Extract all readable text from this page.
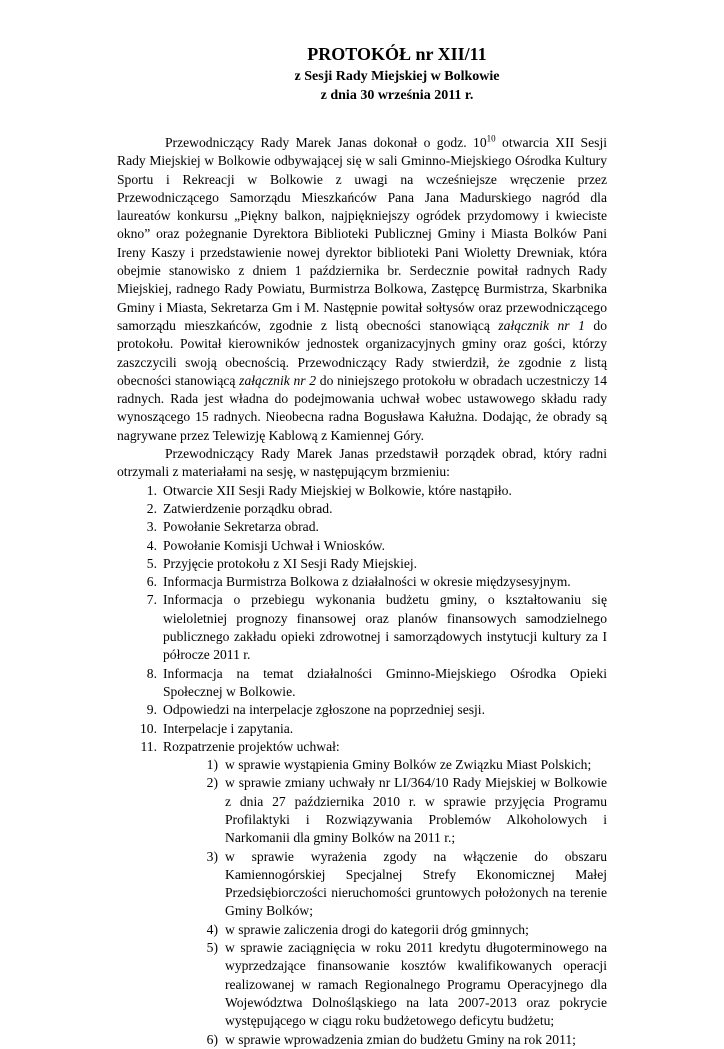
PROTOKÓŁ nr XII/11
z Sesji Rady Miejskiej w Bolkowie
z dnia 30 września 2011 r.

Przewodniczący Rady Marek Janas dokonał o godz. $10^{10}$ otwarcia XII Sesji Rady Miejskiej w Bolkowie odbywającej się w sali Gminno-Miejskiego Ośrodka Kultury Sportu i Rekreacji w Bolkowie z uwagi na wcześniejsze wręczenie przez Przewodniczącego Samorządu Mieszkańców Pana Jana Madurskiego nagród dla laureatów konkursu „Piękny balkon, najpiękniejszy ogródek przydomowy i kwieciste okno” oraz pożegnanie Dyrektora Biblioteki Publicznej Gminy i Miasta Bolków Pani Ireny Kaszy i przedstawienie nowej dyrektor biblioteki Pani Wioletty Drewniak, która obejmie stanowisko z dniem 1 października br. Serdecznie powitał radnych Rady Miejskiej, radnego Rady Powiatu, Burmistrza Bolkowa, Zastępcę Burmistrza, Skarbnika Gminy i Miasta, Sekretarza Gm i M. Następnie powitał sołtysów oraz przewodniczącego samorządu mieszkańców, zgodnie z listą obecności stanowiącą załącznik nr 1 do protokołu. Powitał kierowników jednostek organizacyjnych gminy oraz gości, którzy zaszczycili swoją obecnością. Przewodniczący Rady stwierdził, że zgodnie z listą obecności stanowiącą załącznik nr 2 do niniejszego protokołu w obradach uczestniczy 14 radnych. Rada jest władna do podejmowania uchwał wobec ustawowego składu rady wynoszącego 15 radnych. Nieobecna radna Bogusława Kałużna. Dodając, że obrady są nagrywane przez Telewizję Kablową z Kamiennej Góry.

Przewodniczący Rady Marek Janas przedstawił porządek obrad, który radni otrzymali z materiałami na sesję, w następującym brzmieniu:

1. Otwarcie XII Sesji Rady Miejskiej w Bolkowie, które nastąpiło.
2. Zatwierdzenie porządku obrad.
3. Powołanie Sekretarza obrad.
4. Powołanie Komisji Uchwał i Wniosków.
5. Przyjęcie protokołu z XI Sesji Rady Miejskiej.
6. Informacja Burmistrza Bolkowa z działalności w okresie międzysesyjnym.
7. Informacja o przebiegu wykonania budżetu gminy, o kształtowaniu się wieloletniej prognozy finansowej oraz planów finansowych samodzielnego publicznego zakładu opieki zdrowotnej i samorządowych instytucji kultury za I półrocze 2011 r.
8. Informacja na temat działalności Gminno-Miejskiego Ośrodka Opieki Społecznej w Bolkowie.
9. Odpowiedzi na interpelacje zgłoszone na poprzedniej sesji.
10. Interpelacje i zapytania.
11. Rozpatrzenie projektów uchwał:
1) w sprawie wystąpienia Gminy Bolków ze Związku Miast Polskich;
2) w sprawie zmiany uchwały nr LI/364/10 Rady Miejskiej w Bolkowie z dnia 27 października 2010 r. w sprawie przyjęcia Programu Profilaktyki i Rozwiązywania Problemów Alkoholowych i Narkomanii dla gminy Bolków na 2011 r.;
3) w sprawie wyrażenia zgody na włączenie do obszaru Kamiennogórskiej Specjalnej Strefy Ekonomicznej Małej Przedsiębiorczości nieruchomości gruntowych położonych na terenie Gminy Bolków;
4) w sprawie zaliczenia drogi do kategorii dróg gminnych;
5) w sprawie zaciągnięcia w roku 2011 kredytu długoterminowego na wyprzedzające finansowanie kosztów kwalifikowanych operacji realizowanej w ramach Regionalnego Programu Operacyjnego dla Województwa Dolnośląskiego na lata 2007-2013 oraz pokrycie występującego w ciągu roku budżetowego deficytu budżetu;
6) w sprawie wprowadzenia zmian do budżetu Gminy na rok 2011;
